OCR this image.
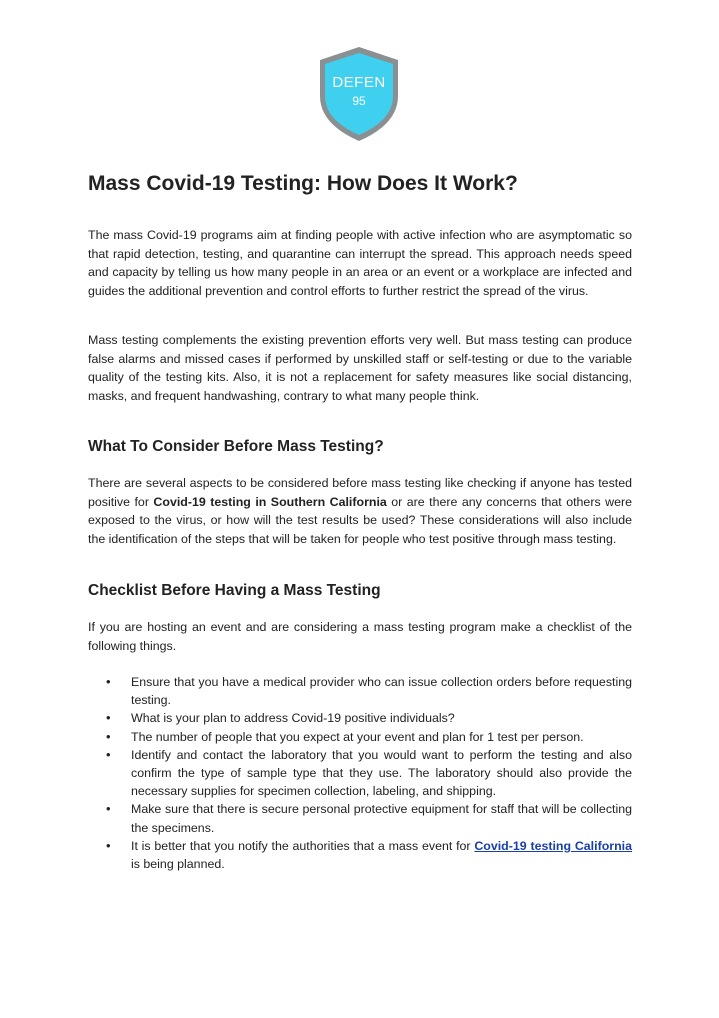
DEFEN
95
Mass Covid-19 Testing: How Does It Work?

The mass Covid-19 programs aim at finding people with active infection who are asymptomatic so that rapid detection, testing, and quarantine can interrupt the spread. This approach needs speed and capacity by telling us how many people in an area or an event or a workplace are infected and guides the additional prevention and control efforts to further restrict the spread of the virus.

Mass testing complements the existing prevention efforts very well. But mass testing can produce false alarms and missed cases if performed by unskilled staff or self-testing or due to the variable quality of the testing kits. Also, it is not a replacement for safety measures like social distancing, masks, and frequent handwashing, contrary to what many people think.

What To Consider Before Mass Testing?

There are several aspects to be considered before mass testing like checking if anyone has tested positive for Covid-19 testing in Southern California or are there any concerns that others were exposed to the virus, or how will the test results be used? These considerations will also include the identification of the steps that will be taken for people who test positive through mass testing.

Checklist Before Having a Mass Testing

If you are hosting an event and are considering a mass testing program make a checklist of the following things.

• Ensure that you have a medical provider who can issue collection orders before requesting testing.
• What is your plan to address Covid-19 positive individuals?
• The number of people that you expect at your event and plan for 1 test per person.
• Identify and contact the laboratory that you would want to perform the testing and also confirm the type of sample type that they use. The laboratory should also provide the necessary supplies for specimen collection, labeling, and shipping.
• Make sure that there is secure personal protective equipment for staff that will be collecting the specimens.
• It is better that you notify the authorities that a mass event for Covid-19 testing California is being planned.
